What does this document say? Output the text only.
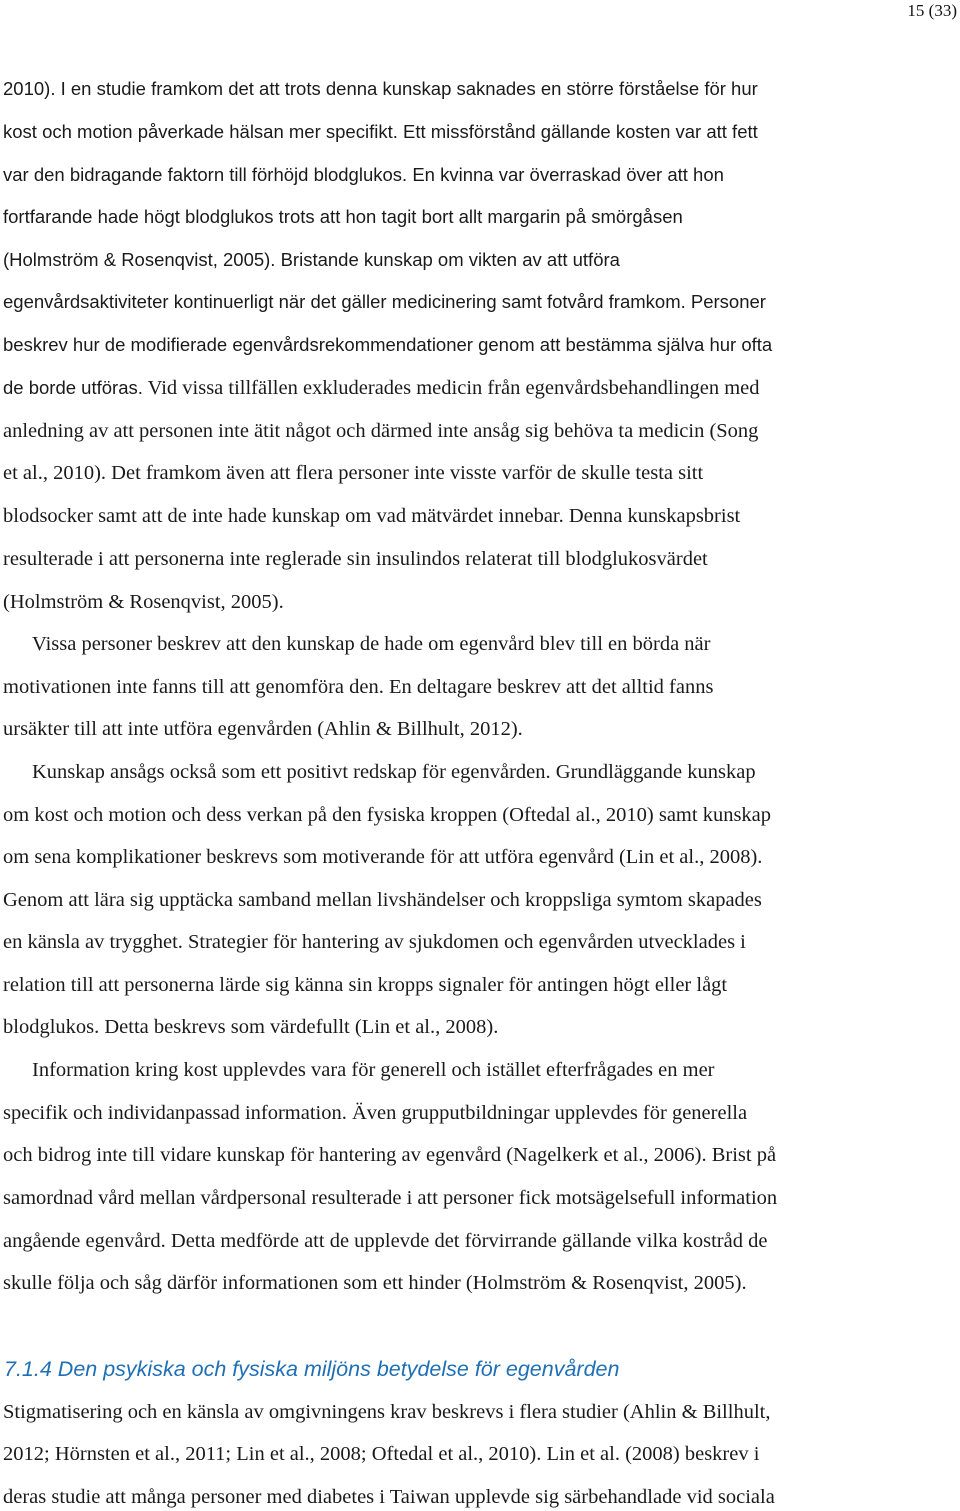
15 (33)
2010). I en studie framkom det att trots denna kunskap saknades en större förståelse för hur
kost och motion påverkade hälsan mer specifikt. Ett missförstånd gällande kosten var att fett
var den bidragande faktorn till förhöjd blodglukos. En kvinna var överraskad över att hon
fortfarande hade högt blodglukos trots att hon tagit bort allt margarin på smörgåsen
(Holmström & Rosenqvist, 2005). Bristande kunskap om vikten av att utföra
egenvårdsaktiviteter kontinuerligt när det gäller medicinering samt fotvård framkom. Personer
beskrev hur de modifierade egenvårdsrekommendationer genom att bestämma själva hur ofta
de borde utföras. Vid vissa tillfällen exkluderades medicin från egenvårdsbehandlingen med
anledning av att personen inte ätit något och därmed inte ansåg sig behöva ta medicin (Song
et al., 2010). Det framkom även att flera personer inte visste varför de skulle testa sitt
blodsocker samt att de inte hade kunskap om vad mätvärdet innebar. Denna kunskapsbrist
resulterade i att personerna inte reglerade sin insulindos relaterat till blodglukosvärdet
(Holmström & Rosenqvist, 2005).
Vissa personer beskrev att den kunskap de hade om egenvård blev till en börda när
motivationen inte fanns till att genomföra den. En deltagare beskrev att det alltid fanns
ursäkter till att inte utföra egenvården (Ahlin & Billhult, 2012).
Kunskap ansågs också som ett positivt redskap för egenvården. Grundläggande kunskap
om kost och motion och dess verkan på den fysiska kroppen (Oftedal al., 2010) samt kunskap
om sena komplikationer beskrevs som motiverande för att utföra egenvård (Lin et al., 2008).
Genom att lära sig upptäcka samband mellan livshändelser och kroppsliga symtom skapades
en känsla av trygghet. Strategier för hantering av sjukdomen och egenvården utvecklades i
relation till att personerna lärde sig känna sin kropps signaler för antingen högt eller lågt
blodglukos. Detta beskrevs som värdefullt (Lin et al., 2008).
Information kring kost upplevdes vara för generell och istället efterfrågades en mer
specifik och individanpassad information. Även grupputbildningar upplevdes för generella
och bidrog inte till vidare kunskap för hantering av egenvård (Nagelkerk et al., 2006). Brist på
samordnad vård mellan vårdpersonal resulterade i att personer fick motsägelsefull information
angående egenvård. Detta medförde att de upplevde det förvirrande gällande vilka kostråd de
skulle följa och såg därför informationen som ett hinder (Holmström & Rosenqvist, 2005).
7.1.4 Den psykiska och fysiska miljöns betydelse för egenvården
Stigmatisering och en känsla av omgivningens krav beskrevs i flera studier (Ahlin & Billhult,
2012; Hörnsten et al., 2011; Lin et al., 2008; Oftedal et al., 2010). Lin et al. (2008) beskrev i
deras studie att många personer med diabetes i Taiwan upplevde sig särbehandlade vid sociala
